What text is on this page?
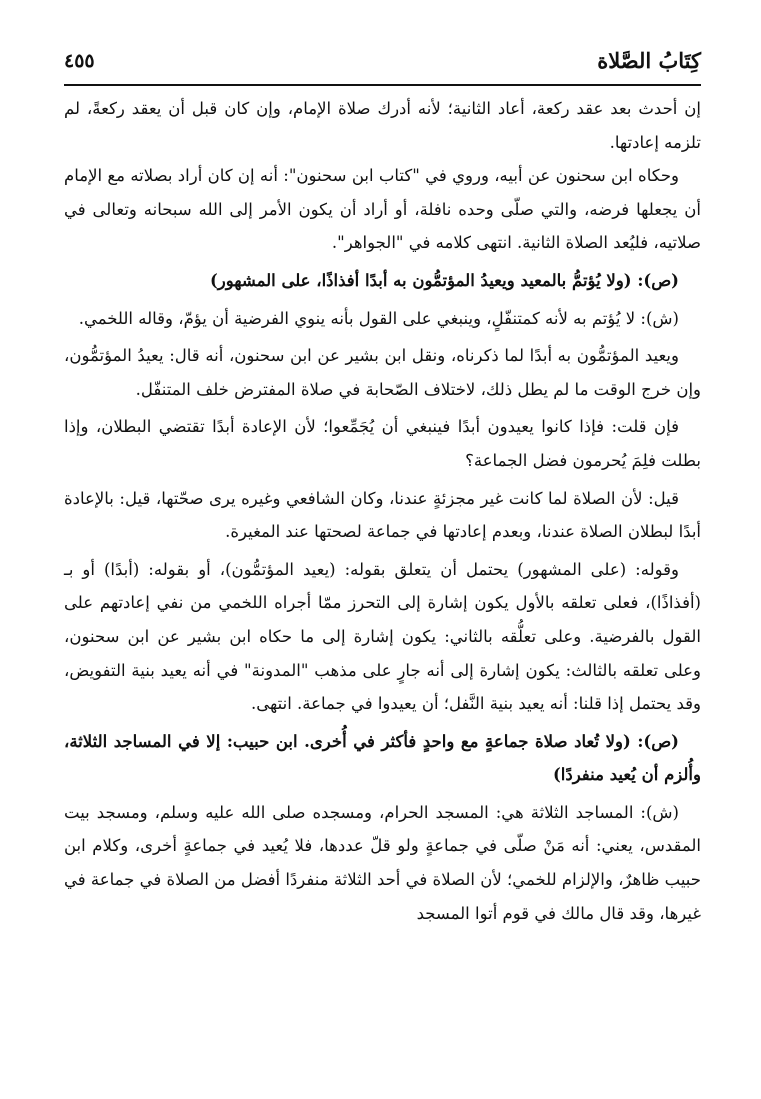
كِتَابُ الصَّلاة
٤٥٥

إن أحدث بعد عقد ركعة، أعاد الثانية؛ لأنه أدرك صلاة الإمام، وإن كان قبل أن يعقد ركعةً، لم تلزمه إعادتها.

وحكاه ابن سحنون عن أبيه، وروي في "كتاب ابن سحنون": أنه إن كان أراد بصلاته مع الإمام أن يجعلها فرضه، والتي صلّى وحده نافلة، أو أراد أن يكون الأمر إلى الله سبحانه وتعالى في صلاتيه، فليُعد الصلاة الثانية. انتهى كلامه في "الجواهر".

(ص): (ولا يُؤتمُّ بالمعيد ويعيدُ المؤتمُّون به أبدًا أفذاذًا، على المشهور)

(ش): لا يُؤتم به لأنه كمتنفّلٍ، وينبغي على القول بأنه ينوي الفرضية أن يؤمّ، وقاله اللخمي.

ويعيد المؤتمُّون به أبدًا لما ذكرناه، ونقل ابن بشير عن ابن سحنون، أنه قال: يعيدُ المؤتمُّون، وإن خرج الوقت ما لم يطل ذلك، لاختلاف الصّحابة في صلاة المفترض خلف المتنفّل.

فإن قلت: فإذا كانوا يعيدون أبدًا فينبغي أن يُجَمِّعوا؛ لأن الإعادة أبدًا تقتضي البطلان، وإذا بطلت فلِمَ يُحرمون فضل الجماعة؟

قيل: لأن الصلاة لما كانت غير مجزئةٍ عندنا، وكان الشافعي وغيره يرى صحّتها، قيل: بالإعادة أبدًا لبطلان الصلاة عندنا، وبعدم إعادتها في جماعة لصحتها عند المغيرة.

وقوله: (على المشهور) يحتمل أن يتعلق بقوله: (يعيد المؤتمُّون)، أو بقوله: (أبدًا) أو بـ (أفذاذًا)، فعلى تعلقه بالأول يكون إشارة إلى التحرز ممّا أجراه اللخمي من نفي إعادتهم على القول بالفرضية. وعلى تعلُّقه بالثاني: يكون إشارة إلى ما حكاه ابن بشير عن ابن سحنون، وعلى تعلقه بالثالث: يكون إشارة إلى أنه جارٍ على مذهب "المدونة" في أنه يعيد بنية التفويض، وقد يحتمل إذا قلنا: أنه يعيد بنية النَّفل؛ أن يعيدوا في جماعة. انتهى.

(ص): (ولا تُعاد صلاة جماعةٍ مع واحدٍ فأكثر في أُخرى. ابن حبيب: إلا في المساجد الثلاثة، وأُلزم أن يُعيد منفردًا)

(ش): المساجد الثلاثة هي: المسجد الحرام، ومسجده صلى الله عليه وسلم، ومسجد بيت المقدس، يعني: أنه مَنْ صلّى في جماعةٍ ولو قلّ عددها، فلا يُعيد في جماعةٍ أخرى، وكلام ابن حبيب ظاهرٌ، والإلزام للخمي؛ لأن الصلاة في أحد الثلاثة منفردًا أفضل من الصلاة في جماعة في غيرها، وقد قال مالك في قوم أتوا المسجد
